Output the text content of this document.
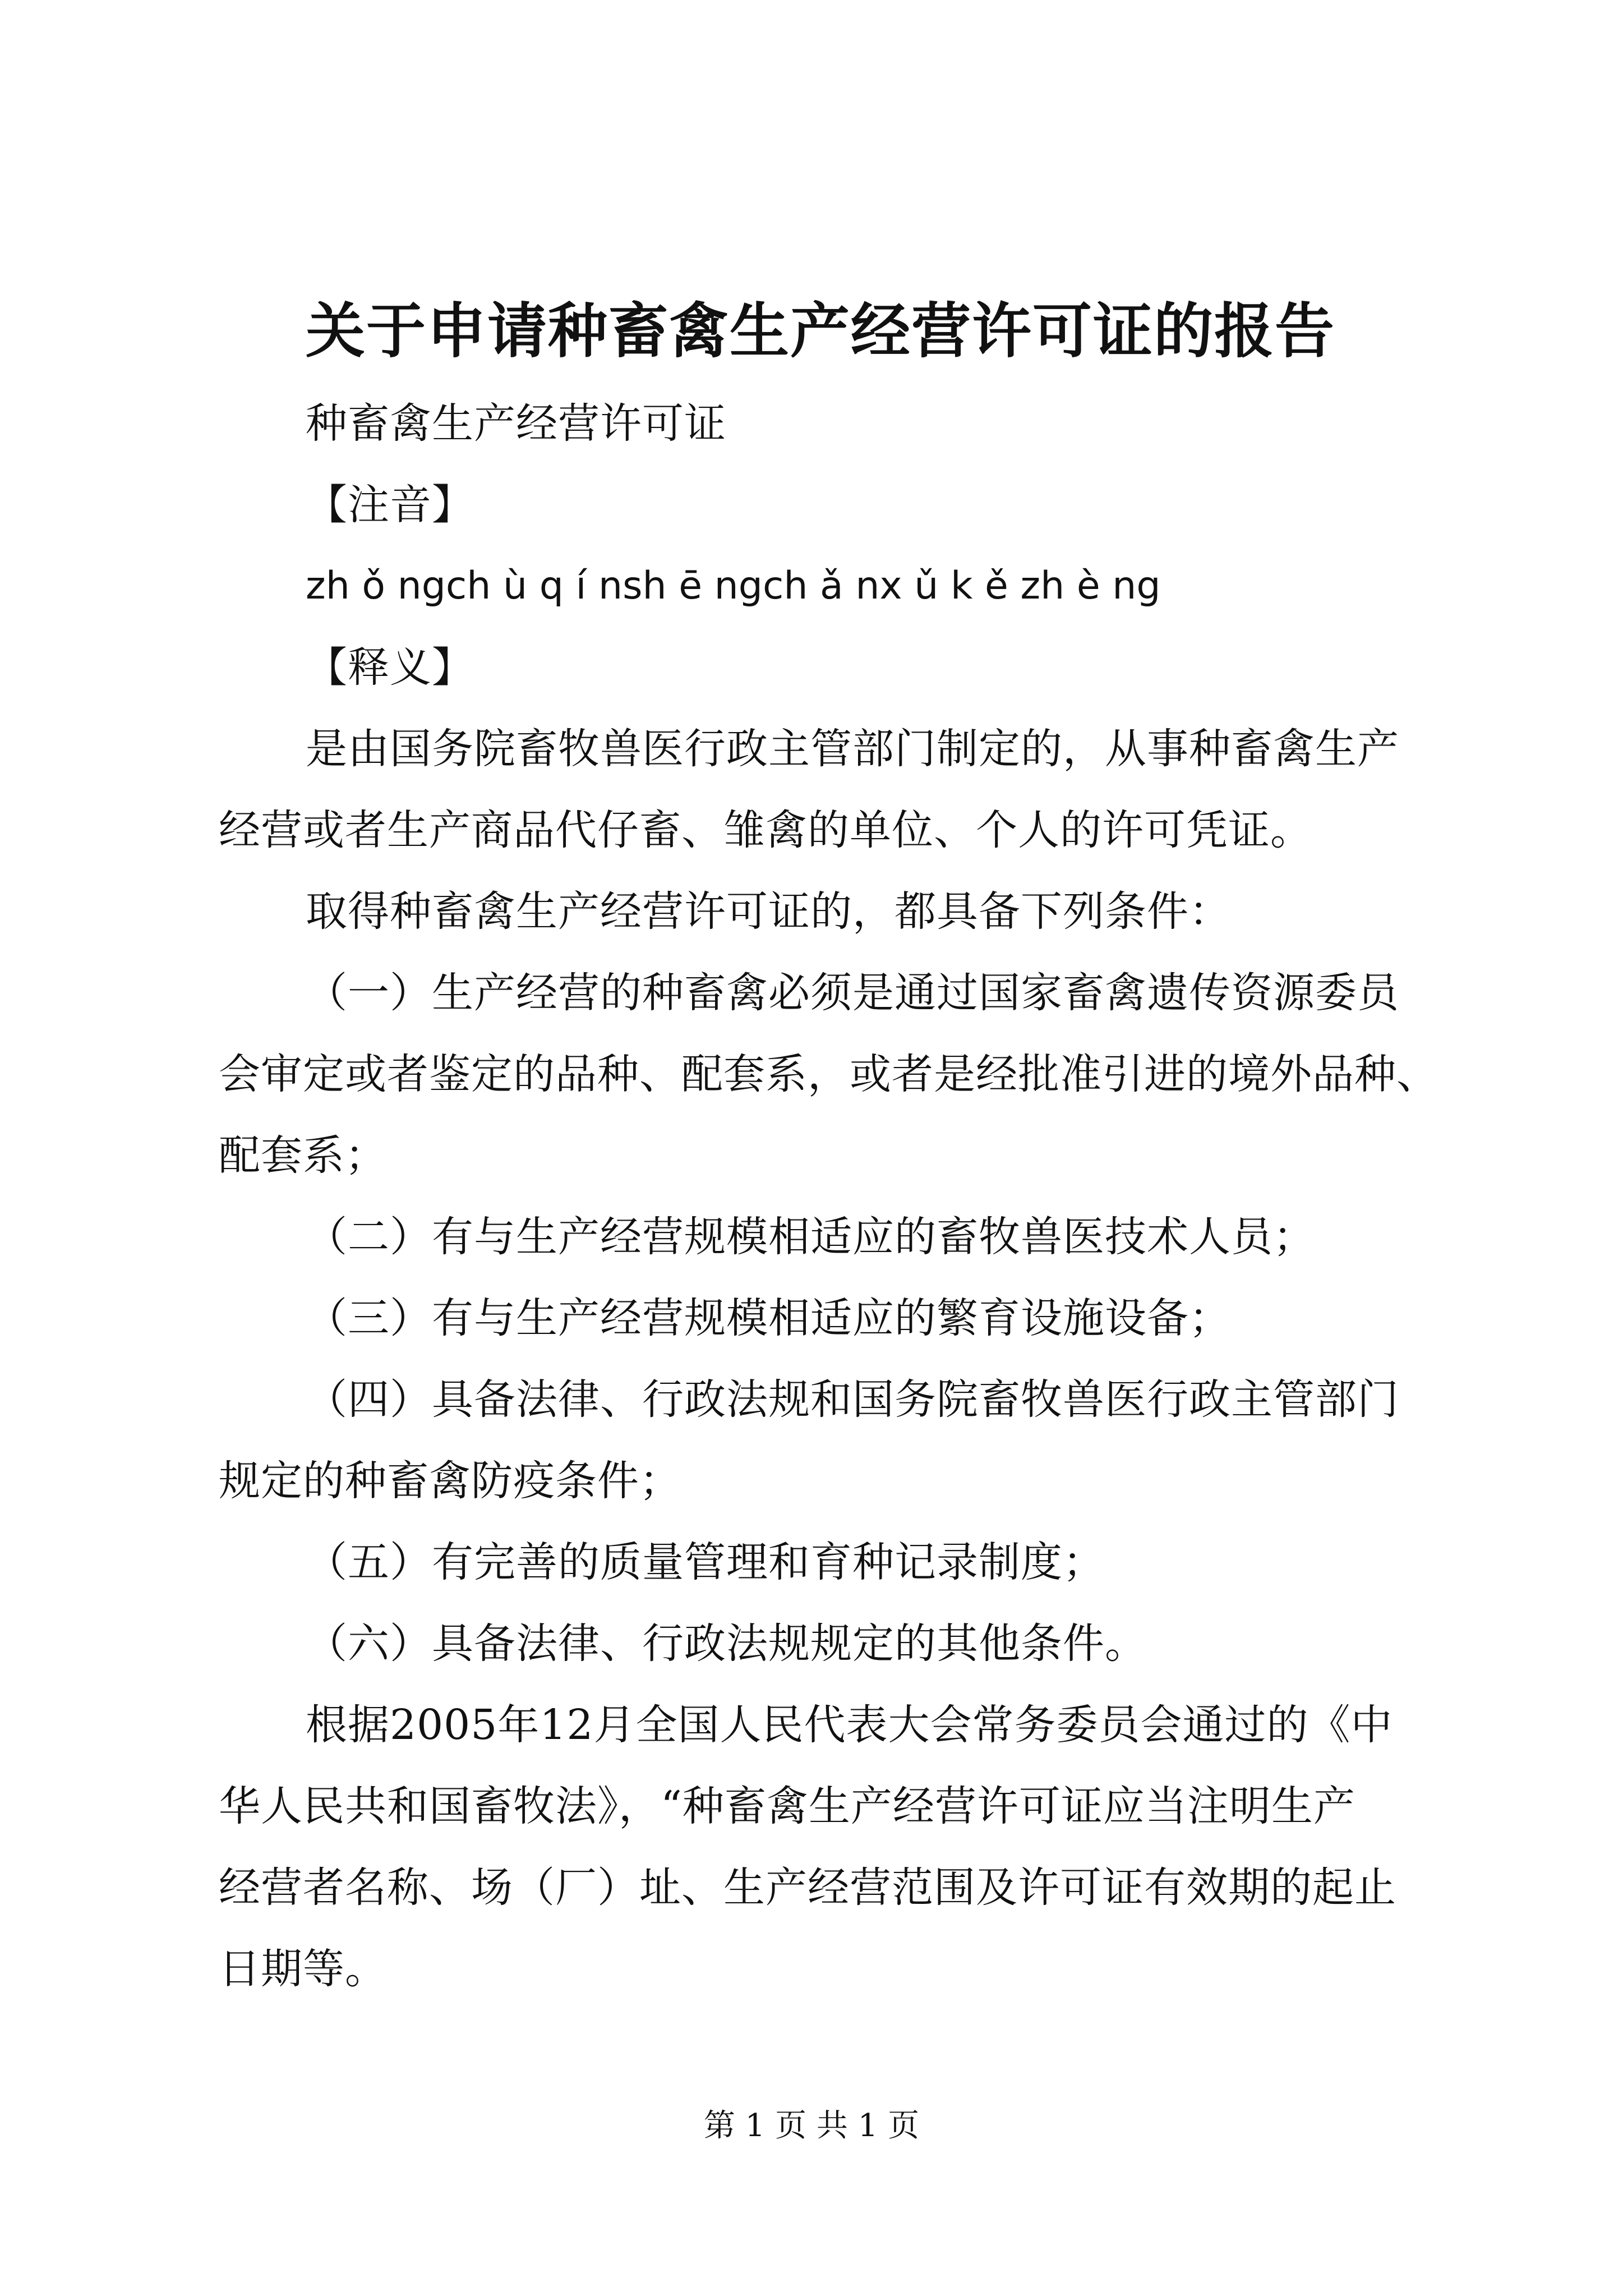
关于申请种畜禽生产经营许可证的报告
种畜禽生产经营许可证
【注音】
zh ǒ ngch ù q í nsh ē ngch ǎ nx ǔ k ě zh è ng
【释义】
是由国务院畜牧兽医行政主管部门制定的，从事种畜禽生产
经营或者生产商品代仔畜、雏禽的单位、个人的许可凭证。
取得种畜禽生产经营许可证的，都具备下列条件：
（一）生产经营的种畜禽必须是通过国家畜禽遗传资源委员
会审定或者鉴定的品种、配套系，或者是经批准引进的境外品种、
配套系；
（二）有与生产经营规模相适应的畜牧兽医技术人员；
（三）有与生产经营规模相适应的繁育设施设备；
（四）具备法律、行政法规和国务院畜牧兽医行政主管部门
规定的种畜禽防疫条件；
（五）有完善的质量管理和育种记录制度；
（六）具备法律、行政法规规定的其他条件。
根据2005年12月全国人民代表大会常务委员会通过的《中
华人民共和国畜牧法》，“种畜禽生产经营许可证应当注明生产
经营者名称、场（厂）址、生产经营范围及许可证有效期的起止
日期等。
第 1 页 共 1 页
